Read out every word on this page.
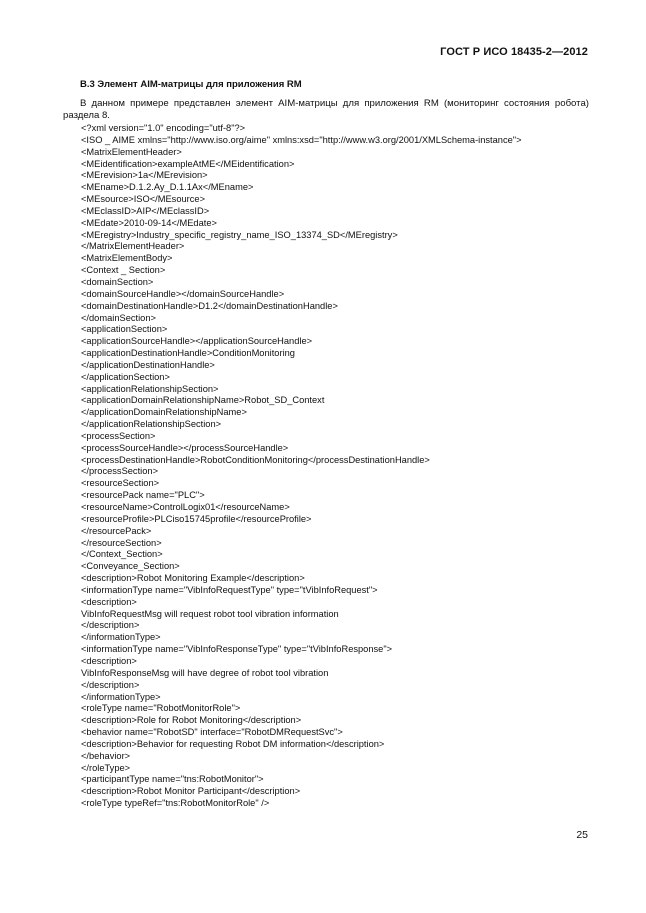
ГОСТ Р ИСО 18435-2—2012
B.3 Элемент AIM-матрицы для приложения RM
В данном примере представлен элемент AIM-матрицы для приложения RM (мониторинг состояния робота) раздела 8.
<?xml version="1.0" encoding="utf-8"?>
<ISO _ AIME xmlns="http://www.iso.org/aime" xmlns:xsd="http://www.w3.org/2001/XMLSchema-instance">
<MatrixElementHeader>
<MEidentification>exampleAtME</MEidentification>
<MErevision>1a</MErevision>
<MEname>D.1.2.Ay_D.1.1Ax</MEname>
<MEsource>ISO</MEsource>
<MEclassID>AIP</MEclassID>
<MEdate>2010-09-14</MEdate>
<MEregistry>Industry_specific_registry_name_ISO_13374_SD</MEregistry>
</MatrixElementHeader>
<MatrixElementBody>
<Context _ Section>
<domainSection>
<domainSourceHandle></domainSourceHandle>
<domainDestinationHandle>D1.2</domainDestinationHandle>
</domainSection>
<applicationSection>
<applicationSourceHandle></applicationSourceHandle>
<applicationDestinationHandle>ConditionMonitoring
</applicationDestinationHandle>
</applicationSection>
<applicationRelationshipSection>
<applicationDomainRelationshipName>Robot_SD_Context
</applicationDomainRelationshipName>
</applicationRelationshipSection>
<processSection>
<processSourceHandle></processSourceHandle>
<processDestinationHandle>RobotConditionMonitoring</processDestinationHandle>
</processSection>
<resourceSection>
<resourcePack name="PLC">
<resourceName>ControlLogix01</resourceName>
<resourceProfile>PLCiso15745profile</resourceProfile>
</resourcePack>
</resourceSection>
</Context_Section>
<Conveyance_Section>
<description>Robot Monitoring Example</description>
<informationType name="VibInfoRequestType" type="tVibInfoRequest">
<description>
VibInfoRequestMsg will request robot tool vibration information
</description>
</informationType>
<informationType name="VibInfoResponseType" type="tVibInfoResponse">
<description>
VibInfoResponseMsg will have degree of robot tool vibration
</description>
</informationType>
<roleType name="RobotMonitorRole">
<description>Role for Robot Monitoring</description>
<behavior name="RobotSD" interface="RobotDMRequestSvc">
<description>Behavior for requesting Robot DM information</description>
</behavior>
</roleType>
<participantType name="tns:RobotMonitor">
<description>Robot Monitor Participant</description>
<roleType typeRef="tns:RobotMonitorRole" />
25
